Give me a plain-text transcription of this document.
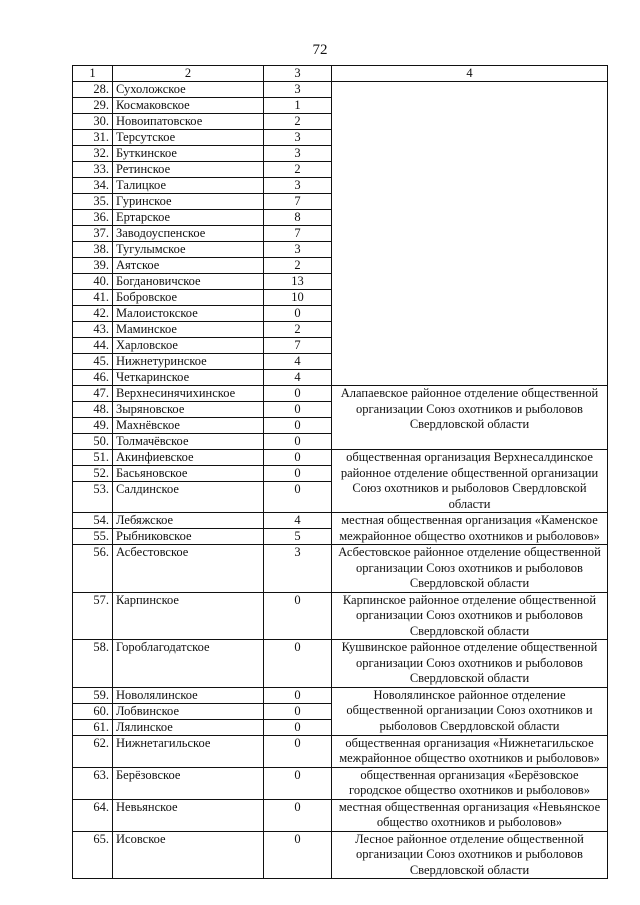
72
1	2	3	4
28.	Сухоложское	3	
29.	Космаковское	1	
30.	Новоипатовское	2	
31.	Терсутское	3	
32.	Буткинское	3	
33.	Ретинское	2	
34.	Талицкое	3	
35.	Гуринское	7	
36.	Ертарское	8	
37.	Заводоуспенское	7	
38.	Тугулымское	3	
39.	Аятское	2	
40.	Богдановичское	13	
41.	Бобровское	10	
42.	Малоистокское	0	
43.	Маминское	2	
44.	Харловское	7	
45.	Нижнетуринское	4	
46.	Четкаринское	4	
47.	Верхнесинячихинское	0	Алапаевское районное отделение общественной организации Союз охотников и рыболовов Свердловской области
48.	Зыряновское	0	
49.	Махнёвское	0	
50.	Толмачёвское	0	
51.	Акинфиевское	0	общественная организация Верхнесалдинское районное отделение общественной организации Союз охотников и рыболовов Свердловской области
52.	Басьяновское	0	
53.	Салдинское	0	
54.	Лебяжское	4	местная общественная организация «Каменское межрайонное общество охотников и рыболовов»
55.	Рыбниковское	5	
56.	Асбестовское	3	Асбестовское районное отделение общественной организации Союз охотников и рыболовов Свердловской области
57.	Карпинское	0	Карпинское районное отделение общественной организации Союз охотников и рыболовов Свердловской области
58.	Гороблагодатское	0	Кушвинское районное отделение общественной организации Союз охотников и рыболовов Свердловской области
59.	Новолялинское	0	Новолялинское районное отделение общественной организации Союз охотников и рыболовов Свердловской области
60.	Лобвинское	0	
61.	Лялинское	0	
62.	Нижнетагильское	0	общественная организация «Нижнетагильское межрайонное общество охотников и рыболовов»
63.	Берёзовское	0	общественная организация «Берёзовское городское общество охотников и рыболовов»
64.	Невьянское	0	местная общественная организация «Невьянское общество охотников и рыболовов»
65.	Исовское	0	Лесное районное отделение общественной организации Союз охотников и рыболовов Свердловской области
